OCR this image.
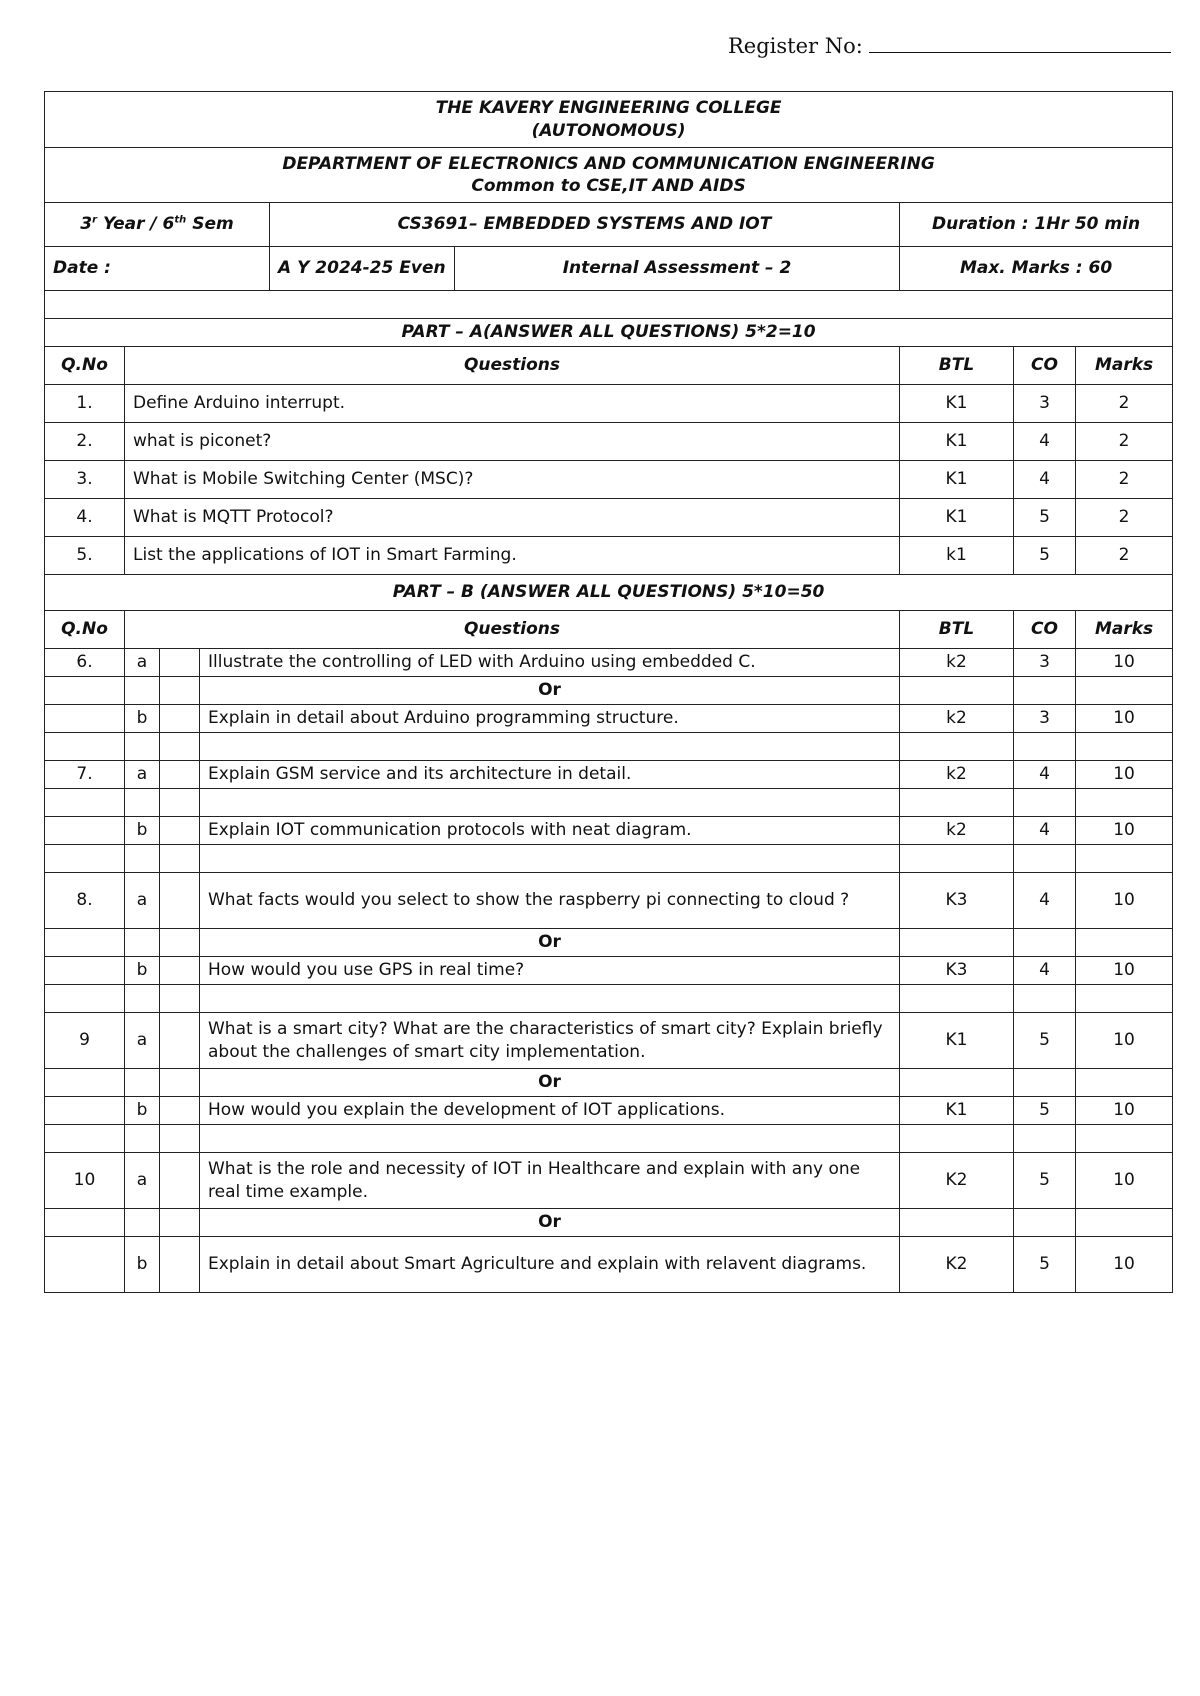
Register No:
THE KAVERY ENGINEERING COLLEGE
(AUTONOMOUS)								

DEPARTMENT OF ELECTRONICS AND COMMUNICATION ENGINEERING
Common to CSE,IT AND AIDS								

3$^r$ Year / 6th Sem				CS3691– EMBEDDED SYSTEMS AND IOT		Duration : 1Hr 50 min		
Date :				A Y 2024-25 Even	Internal Assessment – 2	Max. Marks : 60		

PART – A(ANSWER ALL QUESTIONS) 5*2=10								
Q.No	Questions					BTL	CO	Marks
1.	Define Arduino interrupt.					K1	3	2
2.	what is piconet?					K1	4	2
3.	What is Mobile Switching Center (MSC)?					K1	4	2
4.	What is MQTT Protocol?					K1	5	2
5.	List the applications of IOT in Smart Farming.					k1	5	2
PART – B (ANSWER ALL QUESTIONS) 5*10=50								
Q.No	Questions					BTL	CO	Marks
6.	a		Illustrate the controlling of LED with Arduino using embedded C.			k2	3	10
			Or					
	b		Explain in detail about Arduino programming structure.			k2	3	10

7.	a		Explain GSM service and its architecture in detail.			k2	4	10

	b		Explain IOT communication protocols with neat diagram.			k2	4	10

8.	a		What facts would you select to show the raspberry pi connecting to cloud ?			K3	4	10
			Or					
	b		How would you use GPS in real time?			K3	4	10

9	a		What is a smart city? What are the characteristics of smart city? Explain briefly about the challenges of smart city implementation.			K1	5	10
			Or					
	b		How would you explain the development of IOT applications.			K1	5	10

10	a		What is the role and necessity of IOT in Healthcare and explain with any one real time example.			K2	5	10
			Or					
	b		Explain in detail about Smart Agriculture and explain with relavent diagrams.			K2	5	10
